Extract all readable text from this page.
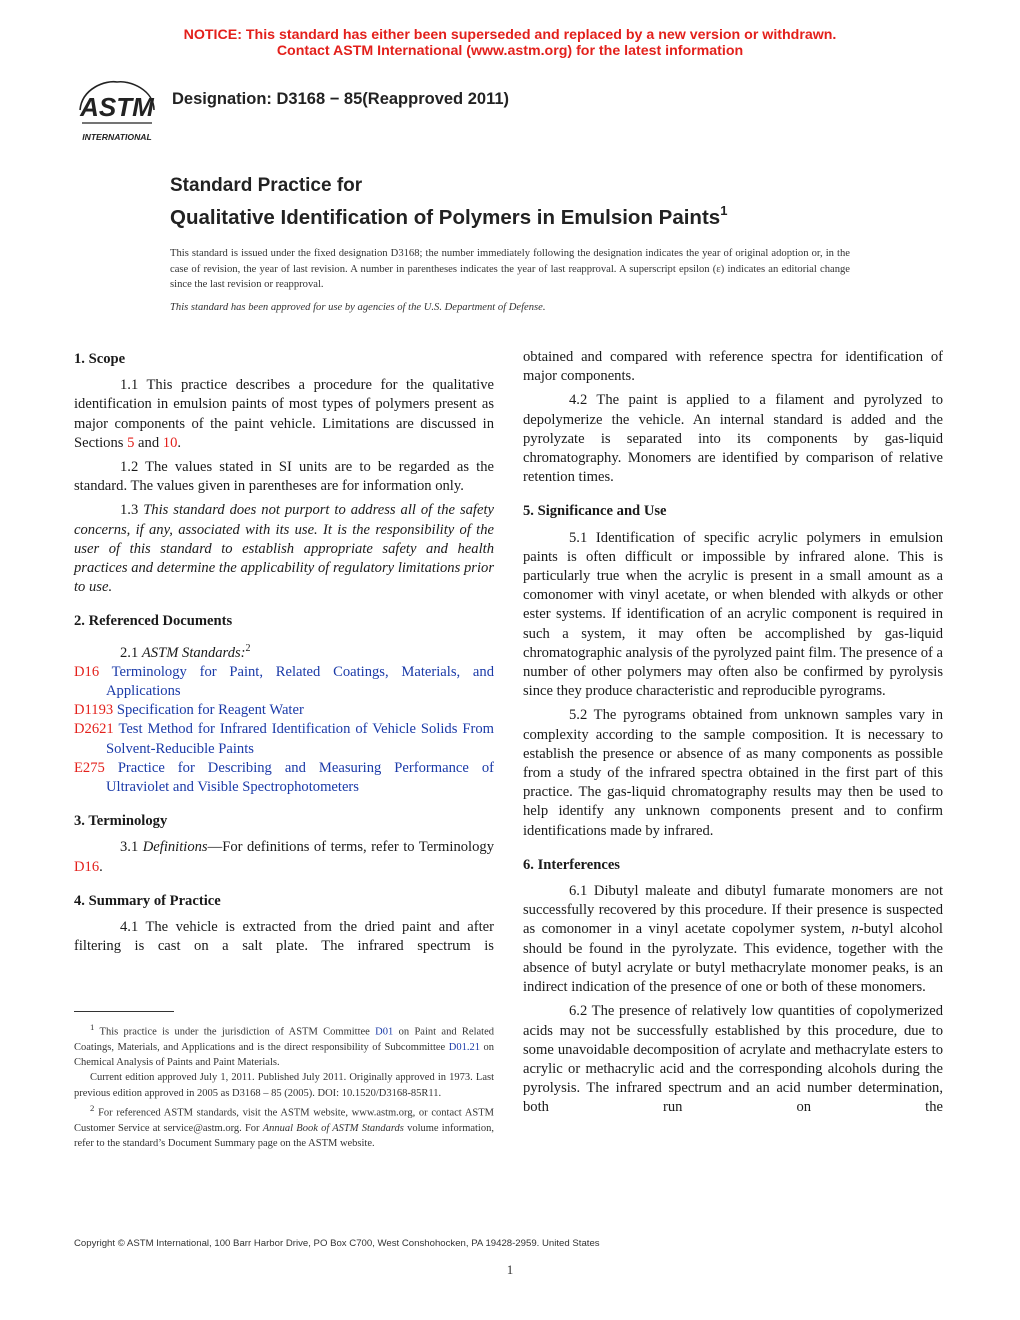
NOTICE: This standard has either been superseded and replaced by a new version or withdrawn.
Contact ASTM International (www.astm.org) for the latest information
ASTM
INTERNATIONAL
Designation: D3168 − 85(Reapproved 2011)
Standard Practice for
Qualitative Identification of Polymers in Emulsion Paints$^1$
This standard is issued under the fixed designation D3168; the number immediately following the designation indicates the year of original adoption or, in the case of revision, the year of last revision. A number in parentheses indicates the year of last reapproval. A superscript epsilon (ε) indicates an editorial change since the last revision or reapproval.
This standard has been approved for use by agencies of the U.S. Department of Defense.
1. Scope

1.1 This practice describes a procedure for the qualitative identification in emulsion paints of most types of polymers present as major components of the paint vehicle. Limitations are discussed in Sections 5 and 10.

1.2 The values stated in SI units are to be regarded as the standard. The values given in parentheses are for information only.

1.3 This standard does not purport to address all of the safety concerns, if any, associated with its use. It is the responsibility of the user of this standard to establish appropriate safety and health practices and determine the applicability of regulatory limitations prior to use.

2. Referenced Documents

2.1 ASTM Standards:$^2$

D16 Terminology for Paint, Related Coatings, Materials, and Applications
D1193 Specification for Reagent Water
D2621 Test Method for Infrared Identification of Vehicle Solids From Solvent-Reducible Paints
E275 Practice for Describing and Measuring Performance of Ultraviolet and Visible Spectrophotometers
3. Terminology

3.1 Definitions—For definitions of terms, refer to Terminology D16.

4. Summary of Practice

4.1 The vehicle is extracted from the dried paint and after filtering is cast on a salt plate. The infrared spectrum is

obtained and compared with reference spectra for identification of major components.

4.2 The paint is applied to a filament and pyrolyzed to depolymerize the vehicle. An internal standard is added and the pyrolyzate is separated into its components by gas-liquid chromatography. Monomers are identified by comparison of relative retention times.

5. Significance and Use

5.1 Identification of specific acrylic polymers in emulsion paints is often difficult or impossible by infrared alone. This is particularly true when the acrylic is present in a small amount as a comonomer with vinyl acetate, or when blended with alkyds or other ester systems. If identification of an acrylic component is required in such a system, it may often be accomplished by gas-liquid chromatographic analysis of the pyrolyzed paint film. The presence of a number of other polymers may often also be confirmed by pyrolysis since they produce characteristic and reproducible pyrograms.

5.2 The pyrograms obtained from unknown samples vary in complexity according to the sample composition. It is necessary to establish the presence or absence of as many components as possible from a study of the infrared spectra obtained in the first part of this practice. The gas-liquid chromatography results may then be used to help identify any unknown components present and to confirm identifications made by infrared.

6. Interferences

6.1 Dibutyl maleate and dibutyl fumarate monomers are not successfully recovered by this procedure. If their presence is suspected as comonomer in a vinyl acetate copolymer system, n-butyl alcohol should be found in the pyrolyzate. This evidence, together with the absence of butyl acrylate or butyl methacrylate monomer peaks, is an indirect indication of the presence of one or both of these monomers.

6.2 The presence of relatively low quantities of copolymerized acids may not be successfully established by this procedure, due to some unavoidable decomposition of acrylate and methacrylate esters to acrylic or methacrylic acid and the corresponding alcohols during the pyrolysis. The infrared spectrum and an acid number determination, both run on the

$^1$ This practice is under the jurisdiction of ASTM Committee D01 on Paint and Related Coatings, Materials, and Applications and is the direct responsibility of Subcommittee D01.21 on Chemical Analysis of Paints and Paint Materials.

Current edition approved July 1, 2011. Published July 2011. Originally approved in 1973. Last previous edition approved in 2005 as D3168 – 85 (2005). DOI: 10.1520/D3168-85R11.

$^2$ For referenced ASTM standards, visit the ASTM website, www.astm.org, or contact ASTM Customer Service at service@astm.org. For Annual Book of ASTM Standards volume information, refer to the standard’s Document Summary page on the ASTM website.

Copyright © ASTM International, 100 Barr Harbor Drive, PO Box C700, West Conshohocken, PA 19428-2959. United States
1
